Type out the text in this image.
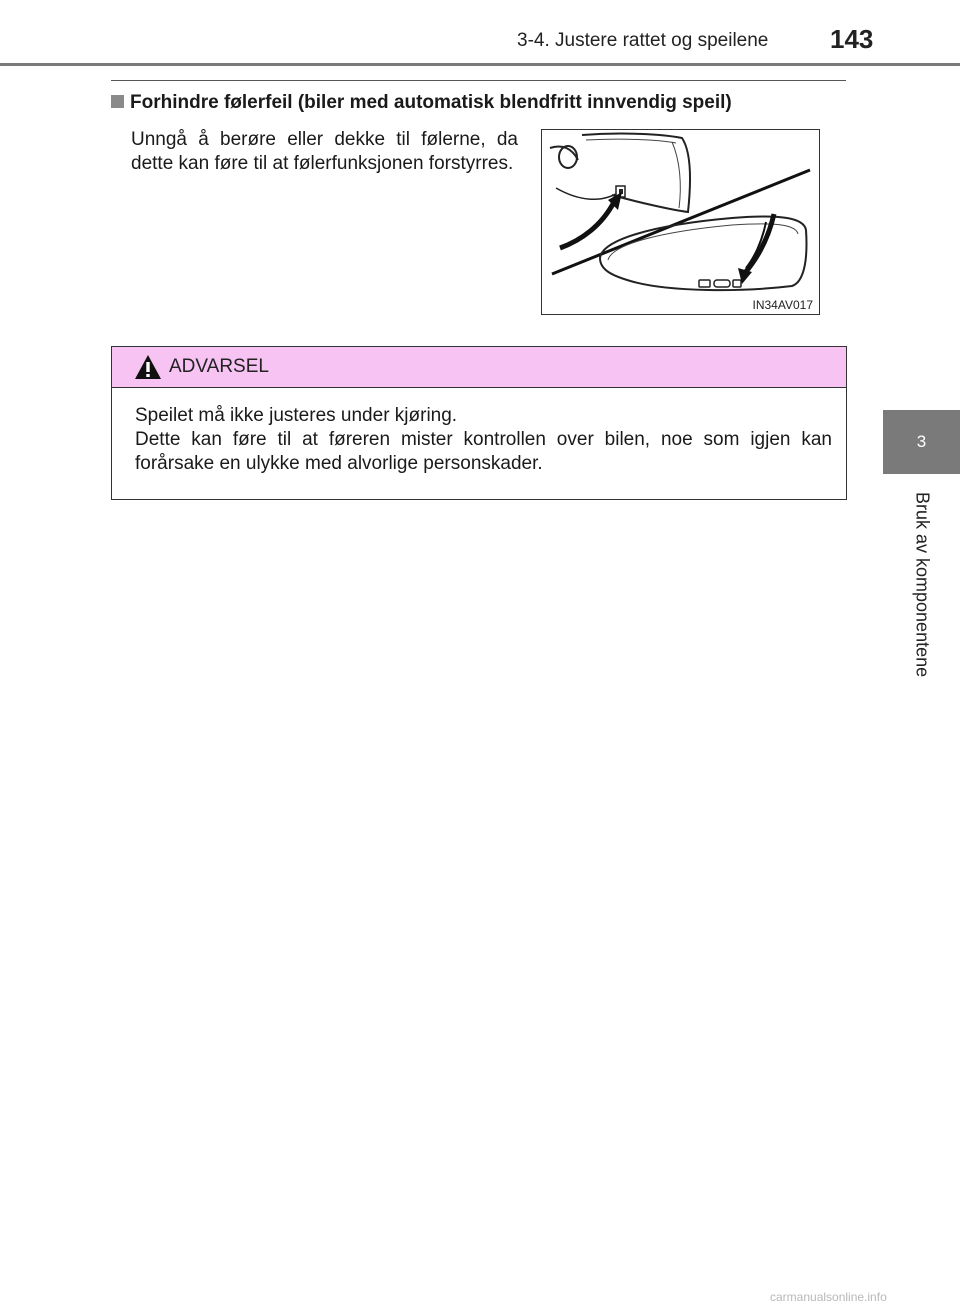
3-4. Justere rattet og speilene 143
3
Bruk av komponentene
Forhindre følerfeil (biler med automatisk blendfritt innvendig speil)
Unngå å berøre eller dekke til følerne, da dette kan føre til at følerfunksjonen forstyrres.
IN34AV017
ADVARSEL

Speilet må ikke justeres under kjøring.

Dette kan føre til at føreren mister kontrollen over bilen, noe som igjen kan forårsake en ulykke med alvorlige personskader.

carmanualsonline.info
